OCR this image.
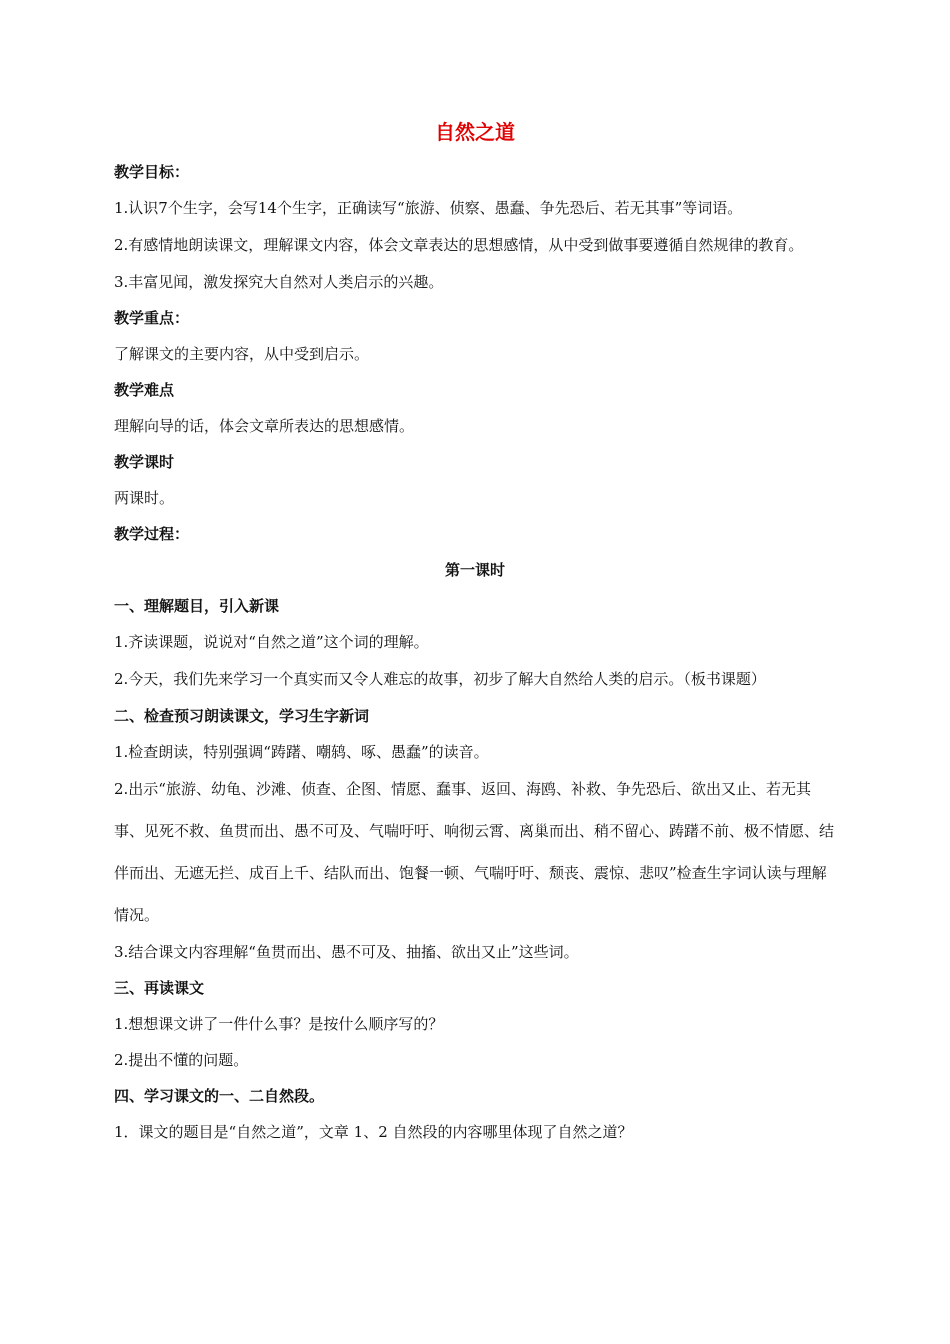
自然之道
教学目标：
1.认识7个生字，会写14个生字，正确读写“旅游、侦察、愚蠢、争先恐后、若无其事”等词语。
2.有感情地朗读课文，理解课文内容，体会文章表达的思想感情，从中受到做事要遵循自然规律的教育。
3.丰富见闻，激发探究大自然对人类启示的兴趣。
教学重点：
了解课文的主要内容，从中受到启示。
教学难点
理解向导的话，体会文章所表达的思想感情。
教学课时
两课时。
教学过程：
第一课时
一、理解题目，引入新课
1.齐读课题，说说对“自然之道”这个词的理解。
2.今天，我们先来学习一个真实而又令人难忘的故事，初步了解大自然给人类的启示。（板书课题）
二、检查预习朗读课文，学习生字新词
1.检查朗读，特别强调“踌躇、嘲鸫、啄、愚蠢”的读音。
2.出示“旅游、幼龟、沙滩、侦查、企图、情愿、蠢事、返回、海鸥、补救、争先恐后、欲出又止、若无其事、见死不救、鱼贯而出、愚不可及、气喘吁吁、响彻云霄、离巢而出、稍不留心、踌躇不前、极不情愿、结伴而出、无遮无拦、成百上千、结队而出、饱餐一顿、气喘吁吁、颓丧、震惊、悲叹”检查生字词认读与理解情况。
3.结合课文内容理解“鱼贯而出、愚不可及、抽搐、欲出又止”这些词。
三、再读课文
1.想想课文讲了一件什么事？是按什么顺序写的？
2.提出不懂的问题。
四、学习课文的一、二自然段。
1．课文的题目是“自然之道”，文章 1、2 自然段的内容哪里体现了自然之道？
